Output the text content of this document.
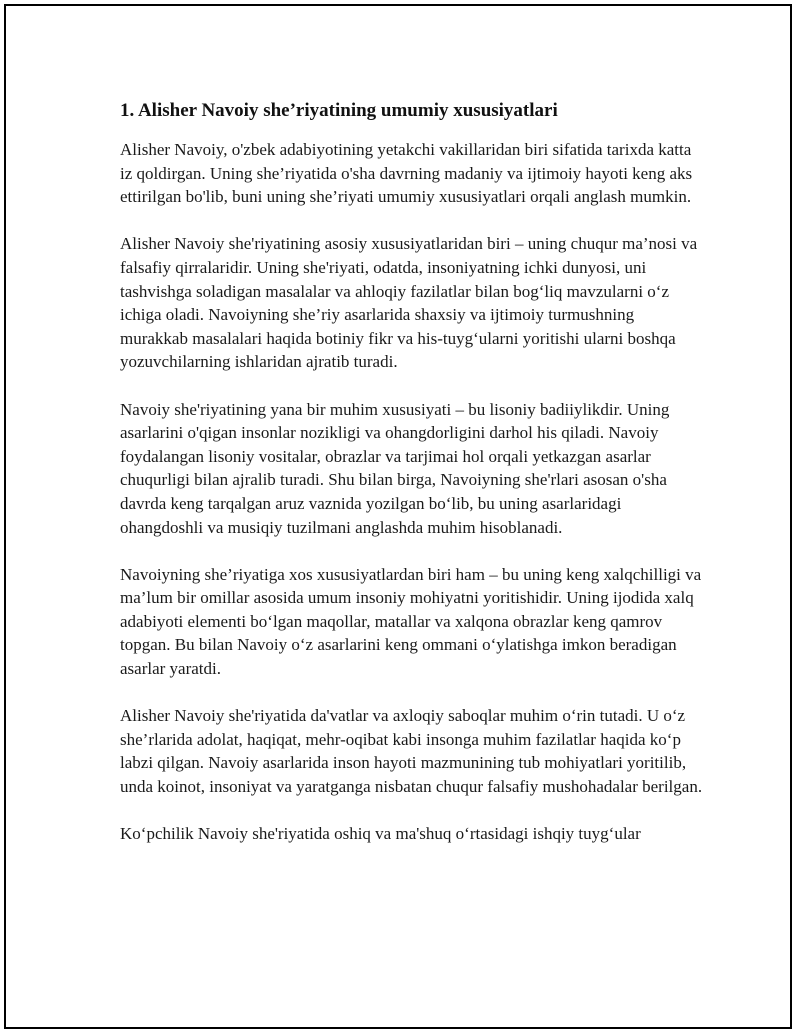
1. Alisher Navoiy she’riyatining umumiy xususiyatlari

Alisher Navoiy, o'zbek adabiyotining yetakchi vakillaridan biri sifatida tarixda katta iz qoldirgan. Uning she’riyatida o'sha davrning madaniy va ijtimoiy hayoti keng aks ettirilgan bo'lib, buni uning she’riyati umumiy xususiyatlari orqali anglash mumkin.

Alisher Navoiy she'riyatining asosiy xususiyatlaridan biri – uning chuqur ma’nosi va falsafiy qirralaridir. Uning she'riyati, odatda, insoniyatning ichki dunyosi, uni tashvishga soladigan masalalar va ahloqiy fazilatlar bilan bog‘liq mavzularni o‘z ichiga oladi. Navoiyning she’riy asarlarida shaxsiy va ijtimoiy turmushning murakkab masalalari haqida botiniy fikr va his-tuyg‘ularni yoritishi ularni boshqa yozuvchilarning ishlaridan ajratib turadi.

Navoiy she'riyatining yana bir muhim xususiyati – bu lisoniy badiiylikdir. Uning asarlarini o'qigan insonlar nozikligi va ohangdorligini darhol his qiladi. Navoiy foydalangan lisoniy vositalar, obrazlar va tarjimai hol orqali yetkazgan asarlar chuqurligi bilan ajralib turadi. Shu bilan birga, Navoiyning she'rlari asosan o'sha davrda keng tarqalgan aruz vaznida yozilgan bo‘lib, bu uning asarlaridagi ohangdoshli va musiqiy tuzilmani anglashda muhim hisoblanadi.

Navoiyning she’riyatiga xos xususiyatlardan biri ham – bu uning keng xalqchilligi va ma’lum bir omillar asosida umum insoniy mohiyatni yoritishidir. Uning ijodida xalq adabiyoti elementi bo‘lgan maqollar, matallar va xalqona obrazlar keng qamrov topgan. Bu bilan Navoiy o‘z asarlarini keng ommani o‘ylatishga imkon beradigan asarlar yaratdi.

Alisher Navoiy she'riyatida da'vatlar va axloqiy saboqlar muhim o‘rin tutadi. U o‘z she’rlarida adolat, haqiqat, mehr-oqibat kabi insonga muhim fazilatlar haqida ko‘p labzi qilgan. Navoiy asarlarida inson hayoti mazmunining tub mohiyatlari yoritilib, unda koinot, insoniyat va yaratganga nisbatan chuqur falsafiy mushohadalar berilgan.

Ko‘pchilik Navoiy she'riyatida oshiq va ma'shuq o‘rtasidagi ishqiy tuyg‘ular
